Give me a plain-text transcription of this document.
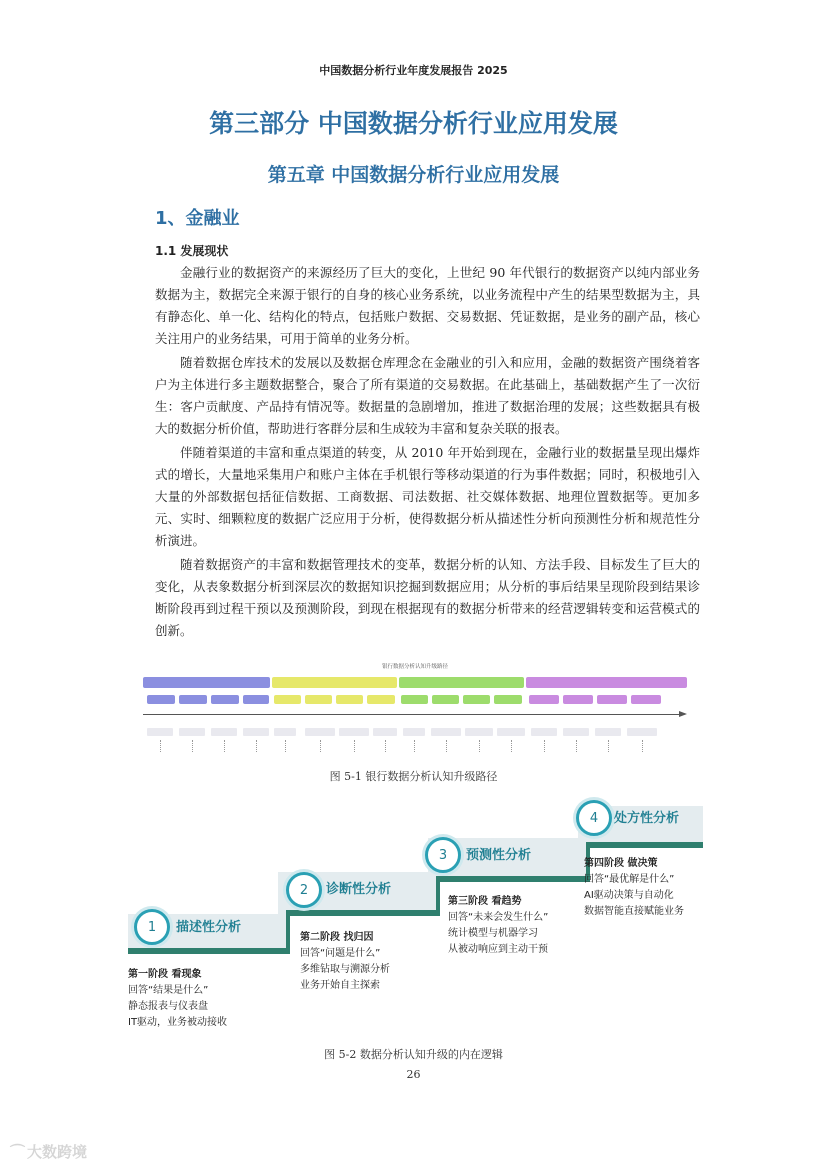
中国数据分析行业年度发展报告 2025
第三部分 中国数据分析行业应用发展
第五章 中国数据分析行业应用发展
1、金融业
1.1 发展现状

金融行业的数据资产的来源经历了巨大的变化，上世纪 90 年代银行的数据资产以纯内部业务数据为主，数据完全来源于银行的自身的核心业务系统，以业务流程中产生的结果型数据为主，具有静态化、单一化、结构化的特点，包括账户数据、交易数据、凭证数据，是业务的副产品，核心关注用户的业务结果，可用于简单的业务分析。

随着数据仓库技术的发展以及数据仓库理念在金融业的引入和应用，金融的数据资产围绕着客户为主体进行多主题数据整合，聚合了所有渠道的交易数据。在此基础上，基础数据产生了一次衍生：客户贡献度、产品持有情况等。数据量的急剧增加，推进了数据治理的发展；这些数据具有极大的数据分析价值，帮助进行客群分层和生成较为丰富和复杂关联的报表。

伴随着渠道的丰富和重点渠道的转变，从 2010 年开始到现在，金融行业的数据量呈现出爆炸式的增长，大量地采集用户和账户主体在手机银行等移动渠道的行为事件数据；同时，积极地引入大量的外部数据包括征信数据、工商数据、司法数据、社交媒体数据、地理位置数据等。更加多元、实时、细颗粒度的数据广泛应用于分析，使得数据分析从描述性分析向预测性分析和规范性分析演进。

随着数据资产的丰富和数据管理技术的变革，数据分析的认知、方法手段、目标发生了巨大的变化，从表象数据分析到深层次的数据知识挖掘到数据应用；从分析的事后结果呈现阶段到结果诊断阶段再到过程干预以及预测阶段，到现在根据现有的数据分析带来的经营逻辑转变和运营模式的创新。

银行数据分析认知升级路径
图 5-1 银行数据分析认知升级路径
1 描述性分析
2 诊断性分析
3 预测性分析
4 处方性分析
第一阶段 看现象
回答“结果是什么”
静态报表与仪表盘
IT驱动，业务被动接收
第二阶段 找归因
回答“问题是什么”
多维钻取与溯源分析
业务开始自主探索
第三阶段 看趋势
回答“未来会发生什么”
统计模型与机器学习
从被动响应到主动干预
第四阶段 做决策
回答“最优解是什么”
AI驱动决策与自动化
数据智能直接赋能业务
图 5-2 数据分析认知升级的内在逻辑
26
⌒ 大数跨境
